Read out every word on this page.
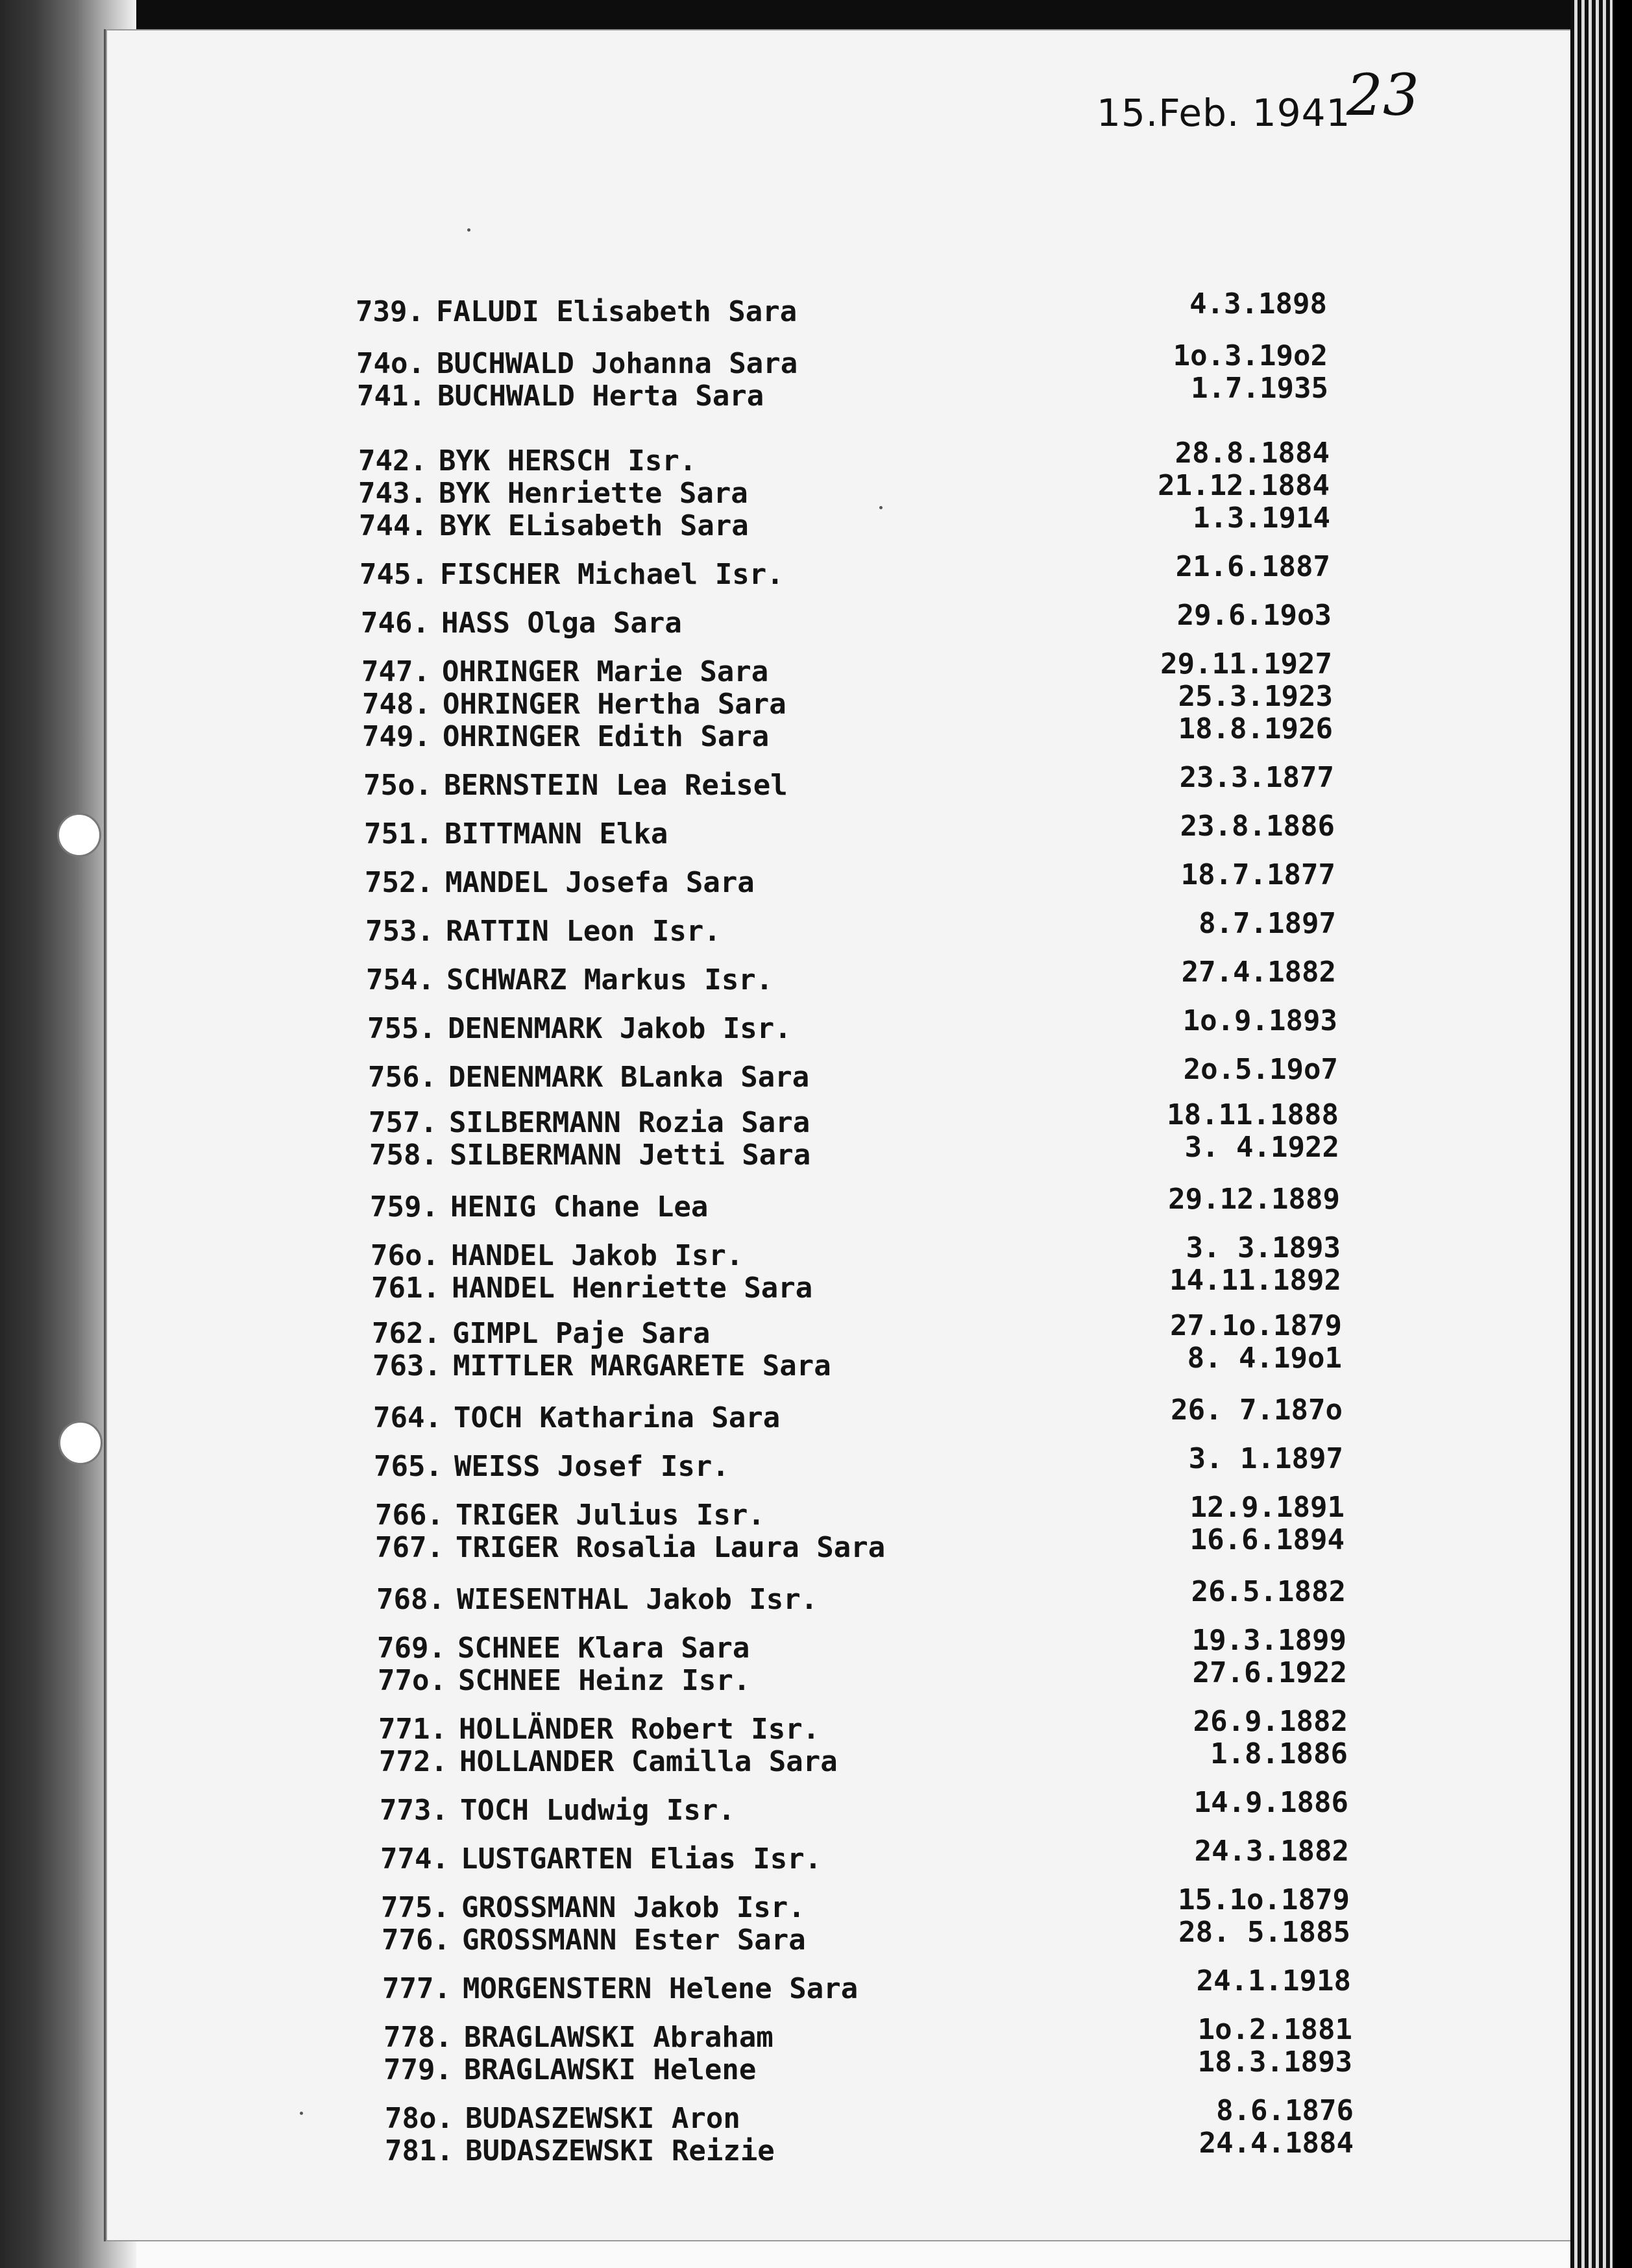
15.Feb. 1941
23
739. FALUDI Elisabeth Sara	4.3.1898
74o. BUCHWALD Johanna Sara	1o.3.19o2
741. BUCHWALD Herta Sara	1.7.1935
742. BYK HERSCH Isr.	28.8.1884
743. BYK Henriette Sara	21.12.1884
744. BYK ELisabeth Sara	1.3.1914
745. FISCHER Michael Isr.	21.6.1887
746. HASS Olga Sara	29.6.19o3
747. OHRINGER Marie Sara	29.11.1927
748. OHRINGER Hertha Sara	25.3.1923
749. OHRINGER Edith Sara	18.8.1926
75o. BERNSTEIN Lea Reisel	23.3.1877
751. BITTMANN Elka	23.8.1886
752. MANDEL Josefa Sara	18.7.1877
753. RATTIN Leon Isr.	8.7.1897
754. SCHWARZ Markus Isr.	27.4.1882
755. DENENMARK Jakob Isr.	1o.9.1893
756. DENENMARK BLanka Sara	2o.5.19o7
757. SILBERMANN Rozia Sara	18.11.1888
758. SILBERMANN Jetti Sara	3. 4.1922
759. HENIG Chane Lea	29.12.1889
76o. HANDEL Jakob Isr.	3. 3.1893
761. HANDEL Henriette Sara	14.11.1892
762. GIMPL Paje Sara	27.1o.1879
763. MITTLER MARGARETE Sara	8. 4.19o1
764. TOCH Katharina Sara	26. 7.187o
765. WEISS Josef Isr.	3. 1.1897
766. TRIGER Julius Isr.	12.9.1891
767. TRIGER Rosalia Laura Sara	16.6.1894
768. WIESENTHAL Jakob Isr.	26.5.1882
769. SCHNEE Klara Sara	19.3.1899
77o. SCHNEE Heinz Isr.	27.6.1922
771. HOLLÄNDER Robert Isr.	26.9.1882
772. HOLLANDER Camilla Sara	1.8.1886
773. TOCH Ludwig Isr.	14.9.1886
774. LUSTGARTEN Elias Isr.	24.3.1882
775. GROSSMANN Jakob Isr.	15.1o.1879
776. GROSSMANN Ester Sara	28. 5.1885
777. MORGENSTERN Helene Sara	24.1.1918
778. BRAGLAWSKI Abraham	1o.2.1881
779. BRAGLAWSKI Helene	18.3.1893
78o. BUDASZEWSKI Aron	8.6.1876
781. BUDASZEWSKI Reizie	24.4.1884
